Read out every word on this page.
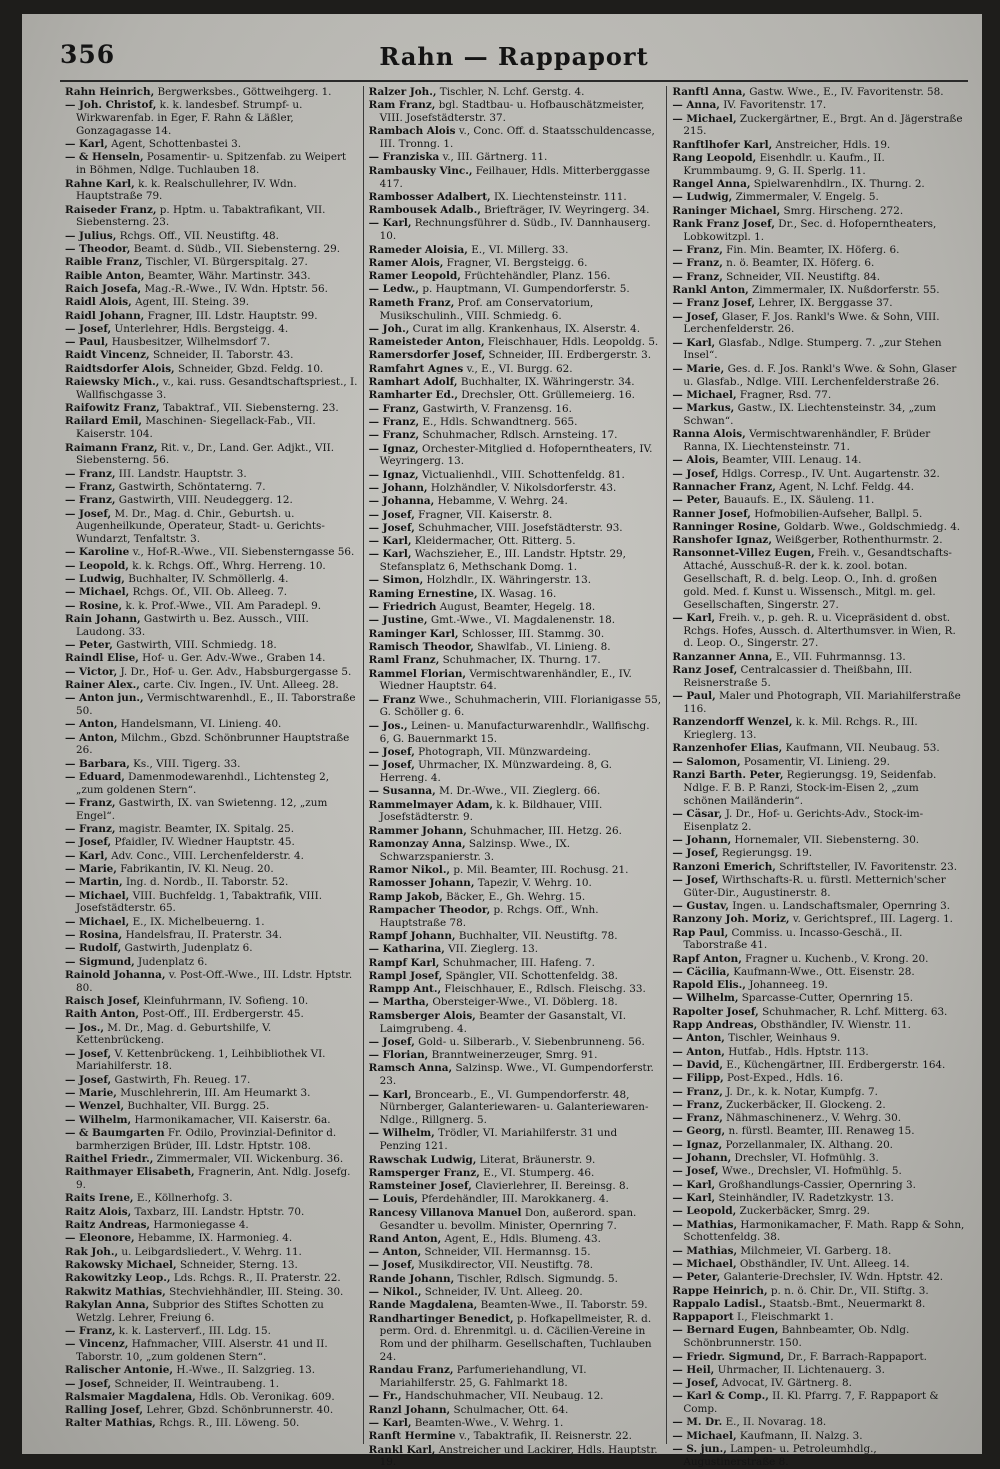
356	Rahn — Rappaport
Rahn Heinrich, Bergwerksbes., Göttweihgerg. 1.
— Joh. Christof, k. k. landesbef. Strumpf- u. Wirkwarenfab. in Eger, F. Rahn & Läßler, Gonzagagasse 14.
— Karl, Agent, Schottenbastei 3.
— & Henseln, Posamentir- u. Spitzenfab. zu Weipert in Böhmen, Ndlge. Tuchlauben 18.
Rahne Karl, k. k. Realschullehrer, IV. Wdn. Hauptstraße 79.
Raiseder Franz, p. Hptm. u. Tabaktrafikant, VII. Siebensterng. 23.
— Julius, Rchgs. Off., VII. Neustiftg. 48.
— Theodor, Beamt. d. Südb., VII. Siebensterng. 29.
Raible Franz, Tischler, VI. Bürgerspitalg. 27.
Raible Anton, Beamter, Währ. Martinstr. 343.
Raich Josefa, Mag.-R.-Wwe., IV. Wdn. Hptstr. 56.
Raidl Alois, Agent, III. Steing. 39.
Raidl Johann, Fragner, III. Ldstr. Hauptstr. 99.
— Josef, Unterlehrer, Hdls. Bergsteigg. 4.
— Paul, Hausbesitzer, Wilhelmsdorf 7.
Raidt Vincenz, Schneider, II. Taborstr. 43.
Raidtsdorfer Alois, Schneider, Gbzd. Feldg. 10.
Raiewsky Mich., v., kai. russ. Gesandtschaftspriest., I. Wallfischgasse 3.
Raifowitz Franz, Tabaktraf., VII. Siebensterng. 23.
Railard Emil, Maschinen- Siegellack-Fab., VII. Kaiserstr. 104.
Raimann Franz, Rit. v., Dr., Land. Ger. Adjkt., VII. Siebensterng. 56.
— Franz, III. Landstr. Hauptstr. 3.
— Franz, Gastwirth, Schöntaterng. 7.
— Franz, Gastwirth, VIII. Neudeggerg. 12.
— Josef, M. Dr., Mag. d. Chir., Geburtsh. u. Augenheilkunde, Operateur, Stadt- u. Gerichts-Wundarzt, Tenfaltstr. 3.
— Karoline v., Hof-R.-Wwe., VII. Siebensterngasse 56.
— Leopold, k. k. Rchgs. Off., Whrg. Herreng. 10.
— Ludwig, Buchhalter, IV. Schmöllerlg. 4.
— Michael, Rchgs. Of., VII. Ob. Alleeg. 7.
— Rosine, k. k. Prof.-Wwe., VII. Am Paradepl. 9.
Rain Johann, Gastwirth u. Bez. Aussch., VIII. Laudong. 33.
— Peter, Gastwirth, VIII. Schmiedg. 18.
Raindl Elise, Hof- u. Ger. Adv.-Wwe., Graben 14.
— Victor, J. Dr., Hof- u. Ger. Adv., Habsburgergasse 5.
Rainer Alex., carte. Civ. Ingen., IV. Unt. Alleeg. 28.
— Anton jun., Vermischtwarenhdl., E., II. Taborstraße 50.
— Anton, Handelsmann, VI. Linieng. 40.
— Anton, Milchm., Gbzd. Schönbrunner Hauptstraße 26.
— Barbara, Ks., VIII. Tigerg. 33.
— Eduard, Damenmodewarenhdl., Lichtensteg 2, „zum goldenen Stern“.
— Franz, Gastwirth, IX. van Swietenng. 12, „zum Engel“.
— Franz, magistr. Beamter, IX. Spitalg. 25.
— Josef, Pfaidler, IV. Wiedner Hauptstr. 45.
— Karl, Adv. Conc., VIII. Lerchenfelderstr. 4.
— Marie, Fabrikantin, IV. Kl. Neug. 20.
— Martin, Ing. d. Nordb., II. Taborstr. 52.
— Michael, VIII. Buchfeldg. 1, Tabaktrafik, VIII. Josefstädterstr. 65.
— Michael, E., IX. Michelbeuerng. 1.
— Rosina, Handelsfrau, II. Praterstr. 34.
— Rudolf, Gastwirth, Judenplatz 6.
— Sigmund, Judenplatz 6.
Rainold Johanna, v. Post-Off.-Wwe., III. Ldstr. Hptstr. 80.
Raisch Josef, Kleinfuhrmann, IV. Sofieng. 10.
Raith Anton, Post-Off., III. Erdbergerstr. 45.
— Jos., M. Dr., Mag. d. Geburtshilfe, V. Kettenbrückeng.
— Josef, V. Kettenbrückeng. 1, Leihbibliothek VI. Mariahilferstr. 18.
— Josef, Gastwirth, Fh. Reueg. 17.
— Marie, Muschlehrerin, III. Am Heumarkt 3.
— Wenzel, Buchhalter, VII. Burgg. 25.
— Wilhelm, Harmonikamacher, VII. Kaiserstr. 6a.
— & Baumgarten Fr. Odilo, Provinzial-Definitor d. barmherzigen Brüder, III. Ldstr. Hptstr. 108.
Raithel Friedr., Zimmermaler, VII. Wickenburg. 36.
Raithmayer Elisabeth, Fragnerin, Ant. Ndlg. Josefg. 9.
Raits Irene, E., Köllnerhofg. 3.
Raitz Alois, Taxbarz, III. Landstr. Hptstr. 70.
Raitz Andreas, Harmoniegasse 4.
— Eleonore, Hebamme, IX. Harmonieg. 4.
Rak Joh., u. Leibgardsliedert., V. Wehrg. 11.
Rakowsky Michael, Schneider, Sterng. 13.
Rakowitzky Leop., Lds. Rchgs. R., II. Praterstr. 22.
Rakwitz Mathias, Stechviehhändler, III. Steing. 30.
Rakylan Anna, Subprior des Stiftes Schotten zu Wetzlg. Lehrer, Freiung 6.
— Franz, k. k. Lasterverf., III. Ldg. 15.
— Vincenz, Hafnmacher, VIII. Alserstr. 41 und II. Taborstr. 10, „zum goldenen Stern“.
Ralischer Antonie, H.-Wwe., II. Salzgrieg. 13.
— Josef, Schneider, II. Weintraubeng. 1.
Ralsmaier Magdalena, Hdls. Ob. Veronikag. 609.
Ralling Josef, Lehrer, Gbzd. Schönbrunnerstr. 40.
Ralter Mathias, Rchgs. R., III. Löweng. 50.
Ralzer Joh., Tischler, N. Lchf. Gerstg. 4.
Ram Franz, bgl. Stadtbau- u. Hofbauschätzmeister, VIII. Josefstädterstr. 37.
Rambach Alois v., Conc. Off. d. Staatsschuldencasse, III. Tronng. 1.
— Franziska v., III. Gärtnerg. 11.
Rambausky Vinc., Feilhauer, Hdls. Mitterberggasse 417.
Rambosser Adalbert, IX. Liechtensteinstr. 111.
Rambousek Adalb., Briefträger, IV. Weyringerg. 34.
— Karl, Rechnungsführer d. Südb., IV. Dannhauserg. 10.
Rameder Aloisia, E., VI. Millerg. 33.
Ramer Alois, Fragner, VI. Bergsteigg. 6.
Ramer Leopold, Früchtehändler, Planz. 156.
— Ledw., p. Hauptmann, VI. Gumpendorferstr. 5.
Rameth Franz, Prof. am Conservatorium, Musikschulinh., VIII. Schmiedg. 6.
— Joh., Curat im allg. Krankenhaus, IX. Alserstr. 4.
Rameisteder Anton, Fleischhauer, Hdls. Leopoldg. 5.
Ramersdorfer Josef, Schneider, III. Erdbergerstr. 3.
Ramfahrt Agnes v., E., VI. Burgg. 62.
Ramhart Adolf, Buchhalter, IX. Währingerstr. 34.
Ramharter Ed., Drechsler, Ott. Grüllemeierg. 16.
— Franz, Gastwirth, V. Franzensg. 16.
— Franz, E., Hdls. Schwandtnerg. 565.
— Franz, Schuhmacher, Rdlsch. Arnsteing. 17.
— Ignaz, Orchester-Mitglied d. Hofoperntheaters, IV. Weyringerg. 13.
— Ignaz, Victualienhdl., VIII. Schottenfeldg. 81.
— Johann, Holzhändler, V. Nikolsdorferstr. 43.
— Johanna, Hebamme, V. Wehrg. 24.
— Josef, Fragner, VII. Kaiserstr. 8.
— Josef, Schuhmacher, VIII. Josefstädterstr. 93.
— Karl, Kleidermacher, Ott. Ritterg. 5.
— Karl, Wachszieher, E., III. Landstr. Hptstr. 29, Stefansplatz 6, Methschank Domg. 1.
— Simon, Holzhdlr., IX. Währingerstr. 13.
Raming Ernestine, IX. Wasag. 16.
— Friedrich August, Beamter, Hegelg. 18.
— Justine, Gmt.-Wwe., VI. Magdalenenstr. 18.
Raminger Karl, Schlosser, III. Stammg. 30.
Ramisch Theodor, Shawlfab., VI. Linieng. 8.
Raml Franz, Schuhmacher, IX. Thurng. 17.
Rammel Florian, Vermischtwarenhändler, E., IV. Wiedner Hauptstr. 64.
— Franz Wwe., Schuhmacherin, VIII. Florianigasse 55, G. Schöller g. 6.
— Jos., Leinen- u. Manufacturwarenhdlr., Wallfischg. 6, G. Bauernmarkt 15.
— Josef, Photograph, VII. Münzwardeing.
— Josef, Uhrmacher, IX. Münzwardeing. 8, G. Herreng. 4.
— Susanna, M. Dr.-Wwe., VII. Zieglerg. 66.
Rammelmayer Adam, k. k. Bildhauer, VIII. Josefstädterstr. 9.
Rammer Johann, Schuhmacher, III. Hetzg. 26.
Ramonzay Anna, Salzinsp. Wwe., IX. Schwarzspanierstr. 3.
Ramor Nikol., p. Mil. Beamter, III. Rochusg. 21.
Ramosser Johann, Tapezir, V. Wehrg. 10.
Ramp Jakob, Bäcker, E., Gh. Wehrg. 15.
Rampacher Theodor, p. Rchgs. Off., Wnh. Hauptstraße 78.
Rampf Johann, Buchhalter, VII. Neustiftg. 78.
— Katharina, VII. Zieglerg. 13.
Rampf Karl, Schuhmacher, III. Hafeng. 7.
Rampl Josef, Spängler, VII. Schottenfeldg. 38.
Rampp Ant., Fleischhauer, E., Rdlsch. Fleischg. 33.
— Martha, Obersteiger-Wwe., VI. Döblerg. 18.
Ramsberger Alois, Beamter der Gasanstalt, VI. Laimgrubeng. 4.
— Josef, Gold- u. Silberarb., V. Siebenbrunneng. 56.
— Florian, Branntweinerzeuger, Smrg. 91.
Ramsch Anna, Salzinsp. Wwe., VI. Gumpendorferstr. 23.
— Karl, Broncearb., E., VI. Gumpendorferstr. 48, Nürnberger, Galanteriewaren- u. Galanteriewaren-Ndlge., Rillgnerg. 5.
— Wilhelm, Trödler, VI. Mariahilferstr. 31 und Penzing 121.
Rawschak Ludwig, Literat, Bräunerstr. 9.
Ramsperger Franz, E., VI. Stumperg. 46.
Ramsteiner Josef, Clavierlehrer, II. Bereinsg. 8.
— Louis, Pferdehändler, III. Marokkanerg. 4.
Rancesy Villanova Manuel Don, außerord. span. Gesandter u. bevollm. Minister, Opernring 7.
Rand Anton, Agent, E., Hdls. Blumeng. 43.
— Anton, Schneider, VII. Hermannsg. 15.
— Josef, Musikdirector, VII. Neustiftg. 78.
Rande Johann, Tischler, Rdlsch. Sigmundg. 5.
— Nikol., Schneider, IV. Unt. Alleeg. 20.
Rande Magdalena, Beamten-Wwe., II. Taborstr. 59.
Randhartinger Benedict, p. Hofkapellmeister, R. d. perm. Ord. d. Ehrenmitgl. u. d. Cäcilien-Vereine in Rom und der philharm. Gesellschaften, Tuchlauben 24.
Randau Franz, Parfumeriehandlung, VI. Mariahilferstr. 25, G. Fahlmarkt 18.
— Fr., Handschuhmacher, VII. Neubaug. 12.
Ranzl Johann, Schulmacher, Ott. 64.
— Karl, Beamten-Wwe., V. Wehrg. 1.
Ranft Hermine v., Tabaktrafik, II. Reisnerstr. 22.
Rankl Karl, Anstreicher und Lackirer, Hdls. Hauptstr. 19.
Ranftl Anna, Gastw. Wwe., E., IV. Favoritenstr. 58.
— Anna, IV. Favoritenstr. 17.
— Michael, Zuckergärtner, E., Brgt. An d. Jägerstraße 215.
Ranftlhofer Karl, Anstreicher, Hdls. 19.
Rang Leopold, Eisenhdlr. u. Kaufm., II. Krummbaumg. 9, G. II. Sperlg. 11.
Rangel Anna, Spielwarenhdlrn., IX. Thurng. 2.
— Ludwig, Zimmermaler, V. Engelg. 5.
Raninger Michael, Smrg. Hirscheng. 272.
Rank Franz Josef, Dr., Sec. d. Hofoperntheaters, Lobkowitzpl. 1.
— Franz, Fin. Min. Beamter, IX. Höferg. 6.
— Franz, n. ö. Beamter, IX. Höferg. 6.
— Franz, Schneider, VII. Neustiftg. 84.
Rankl Anton, Zimmermaler, IX. Nußdorferstr. 55.
— Franz Josef, Lehrer, IX. Berggasse 37.
— Josef, Glaser, F. Jos. Rankl's Wwe. & Sohn, VIII. Lerchenfelderstr. 26.
— Karl, Glasfab., Ndlge. Stumperg. 7. „zur Stehen Insel“.
— Marie, Ges. d. F. Jos. Rankl's Wwe. & Sohn, Glaser u. Glasfab., Ndlge. VIII. Lerchenfelderstraße 26.
— Michael, Fragner, Rsd. 77.
— Markus, Gastw., IX. Liechtensteinstr. 34, „zum Schwan“.
Ranna Alois, Vermischtwarenhändler, F. Brüder Ranna, IX. Liechtensteinstr. 71.
— Alois, Beamter, VIII. Lenaug. 14.
— Josef, Hdlgs. Corresp., IV. Unt. Augartenstr. 32.
Rannacher Franz, Agent, N. Lchf. Feldg. 44.
— Peter, Bauaufs. E., IX. Säuleng. 11.
Ranner Josef, Hofmobilien-Aufseher, Ballpl. 5.
Ranninger Rosine, Goldarb. Wwe., Goldschmiedg. 4.
Ranshofer Ignaz, Weißgerber, Rothenthurmstr. 2.
Ransonnet-Villez Eugen, Freih. v., Gesandtschafts-Attaché, Ausschuß-R. der k. k. zool. botan. Gesellschaft, R. d. belg. Leop. O., Inh. d. großen gold. Med. f. Kunst u. Wissensch., Mitgl. m. gel. Gesellschaften, Singerstr. 27.
— Karl, Freih. v., p. geh. R. u. Vicepräsident d. obst. Rchgs. Hofes, Aussch. d. Alterthumsver. in Wien, R. d. Leop. O., Singerstr. 27.
Ranzanner Anna, E., VII. Fuhrmannsg. 13.
Ranz Josef, Centralcassier d. Theißbahn, III. Reisnerstraße 5.
— Paul, Maler und Photograph, VII. Mariahilferstraße 116.
Ranzendorff Wenzel, k. k. Mil. Rchgs. R., III. Krieglerg. 13.
Ranzenhofer Elias, Kaufmann, VII. Neubaug. 53.
— Salomon, Posamentir, VI. Linieng. 29.
Ranzi Barth. Peter, Regierungsg. 19, Seidenfab. Ndlge. F. B. P. Ranzi, Stock-im-Eisen 2, „zum schönen Mailänderin“.
— Cäsar, J. Dr., Hof- u. Gerichts-Adv., Stock-im-Eisenplatz 2.
— Johann, Hornemaler, VII. Siebensterng. 30.
— Josef, Regierungsg. 19.
Ranzoni Emerich, Schriftsteller, IV. Favoritenstr. 23.
— Josef, Wirthschafts-R. u. fürstl. Metternich'scher Güter-Dir., Augustinerstr. 8.
— Gustav, Ingen. u. Landschaftsmaler, Opernring 3.
Ranzony Joh. Moriz, v. Gerichtspref., III. Lagerg. 1.
Rap Paul, Commiss. u. Incasso-Geschä., II. Taborstraße 41.
Rapf Anton, Fragner u. Kuchenb., V. Krong. 20.
— Cäcilia, Kaufmann-Wwe., Ott. Eisenstr. 28.
Rapold Elis., Johanneeg. 19.
— Wilhelm, Sparcasse-Cutter, Opernring 15.
Rapolter Josef, Schuhmacher, R. Lchf. Mitterg. 63.
Rapp Andreas, Obsthändler, IV. Wienstr. 11.
— Anton, Tischler, Weinhaus 9.
— Anton, Hutfab., Hdls. Hptstr. 113.
— David, E., Küchengärtner, III. Erdbergerstr. 164.
— Filipp, Post-Exped., Hdls. 16.
— Franz, J. Dr., k. k. Notar, Kumpfg. 7.
— Franz, Zuckerbäcker, II. Glockeng. 2.
— Franz, Nähmaschinenerz., V. Wehrg. 30.
— Georg, n. fürstl. Beamter, III. Renaweg 15.
— Ignaz, Porzellanmaler, IX. Althang. 20.
— Johann, Drechsler, VI. Hofmühlg. 3.
— Josef, Wwe., Drechsler, VI. Hofmühlg. 5.
— Karl, Großhandlungs-Cassier, Opernring 3.
— Karl, Steinhändler, IV. Radetzkystr. 13.
— Leopold, Zuckerbäcker, Smrg. 29.
— Mathias, Harmonikamacher, F. Math. Rapp & Sohn, Schottenfeldg. 38.
— Mathias, Milchmeier, VI. Garberg. 18.
— Michael, Obsthändler, IV. Unt. Alleeg. 14.
— Peter, Galanterie-Drechsler, IV. Wdn. Hptstr. 42.
Rappe Heinrich, p. n. ö. Chir. Dr., VII. Stiftg. 3.
Rappalo Ladisl., Staatsb.-Bmt., Neuermarkt 8.
Rappaport I., Fleischmarkt 1.
— Bernard Eugen, Bahnbeamter, Ob. Ndlg. Schönbrunnerstr. 150.
— Friedr. Sigmund, Dr., F. Barrach-Rappaport.
— Heil, Uhrmacher, II. Lichtenauerg. 3.
— Josef, Advocat, IV. Gärtnerg. 8.
— Karl & Comp., II. Kl. Pfarrg. 7, F. Rappaport & Comp.
— M. Dr. E., II. Novarag. 18.
— Michael, Kaufmann, II. Nalzg. 3.
— S. jun., Lampen- u. Petroleumhdlg., Augustinerstraße 8.
